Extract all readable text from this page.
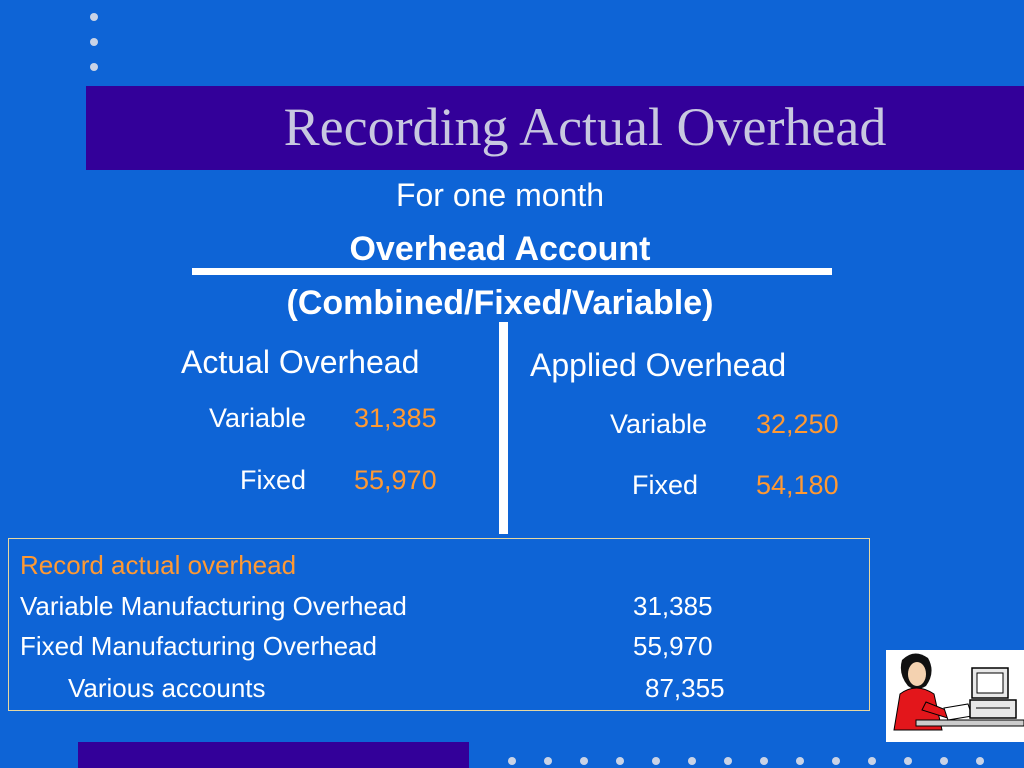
Recording Actual Overhead
For one month
Overhead Account
(Combined/Fixed/Variable)
Actual Overhead
Variable 31,385
Fixed 55,970
Applied Overhead
Variable 32,250
Fixed 54,180
Record actual overhead
Variable Manufacturing Overhead	31,385
Fixed Manufacturing Overhead	55,970
Various accounts	87,355
